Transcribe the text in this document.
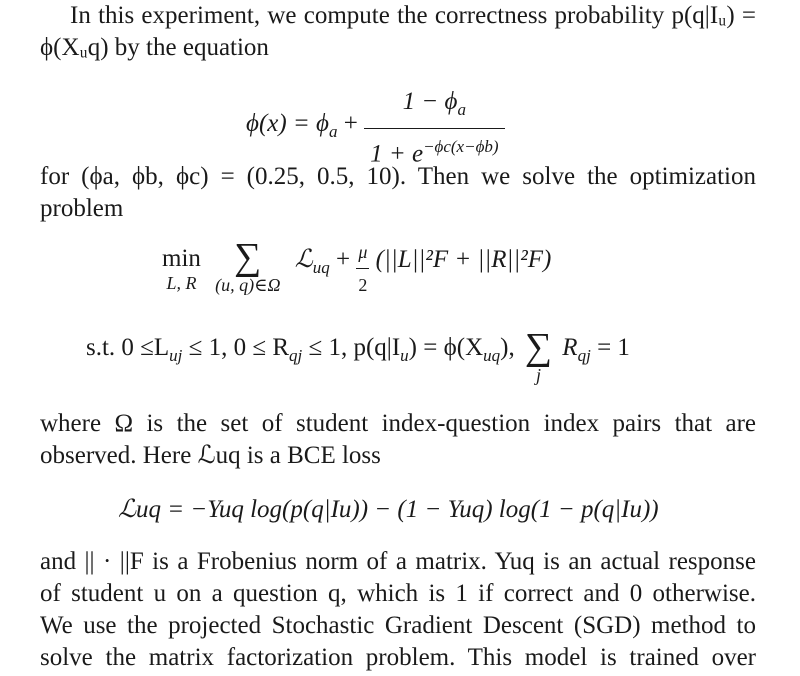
In this experiment, we compute the correctness probability p(q|Iᵤ) =
ϕ(Xᵤq) by the equation

$\phi(x) = \phi_a + \frac{1 - \phi_a}{1 + e^{-\phi c(x-\phi b)}}$

for (ϕa, ϕb, ϕc) = (0.25, 0.5, 10). Then we solve the optimization
problem

min
L, R

∑
(u, q)∈Ω
ℒ$_{uq}$ + $\frac{\mu}{2} (||L||^2F + ||R||^2F)$
s.t. $0 \le L_{uj} \le 1$, $0 \le R_{qj} \le 1$, $p(q|I_u) = \phi(X_{uq})$, ∑
j
$R_{qj} = 1$

where Ω is the set of student index-question index pairs that are
observed. Here ℒuq is a BCE loss

ℒuq = −Yuq log(p(q|Iu)) − (1 − Yuq) log(1 − p(q|Iu))

and || · ||F is a Frobenius norm of a matrix. Yuq is an actual response
of student u on a question q, which is 1 if correct and 0 otherwise.
We use the projected Stochastic Gradient Descent (SGD) method to
solve the matrix factorization problem. This model is trained over
